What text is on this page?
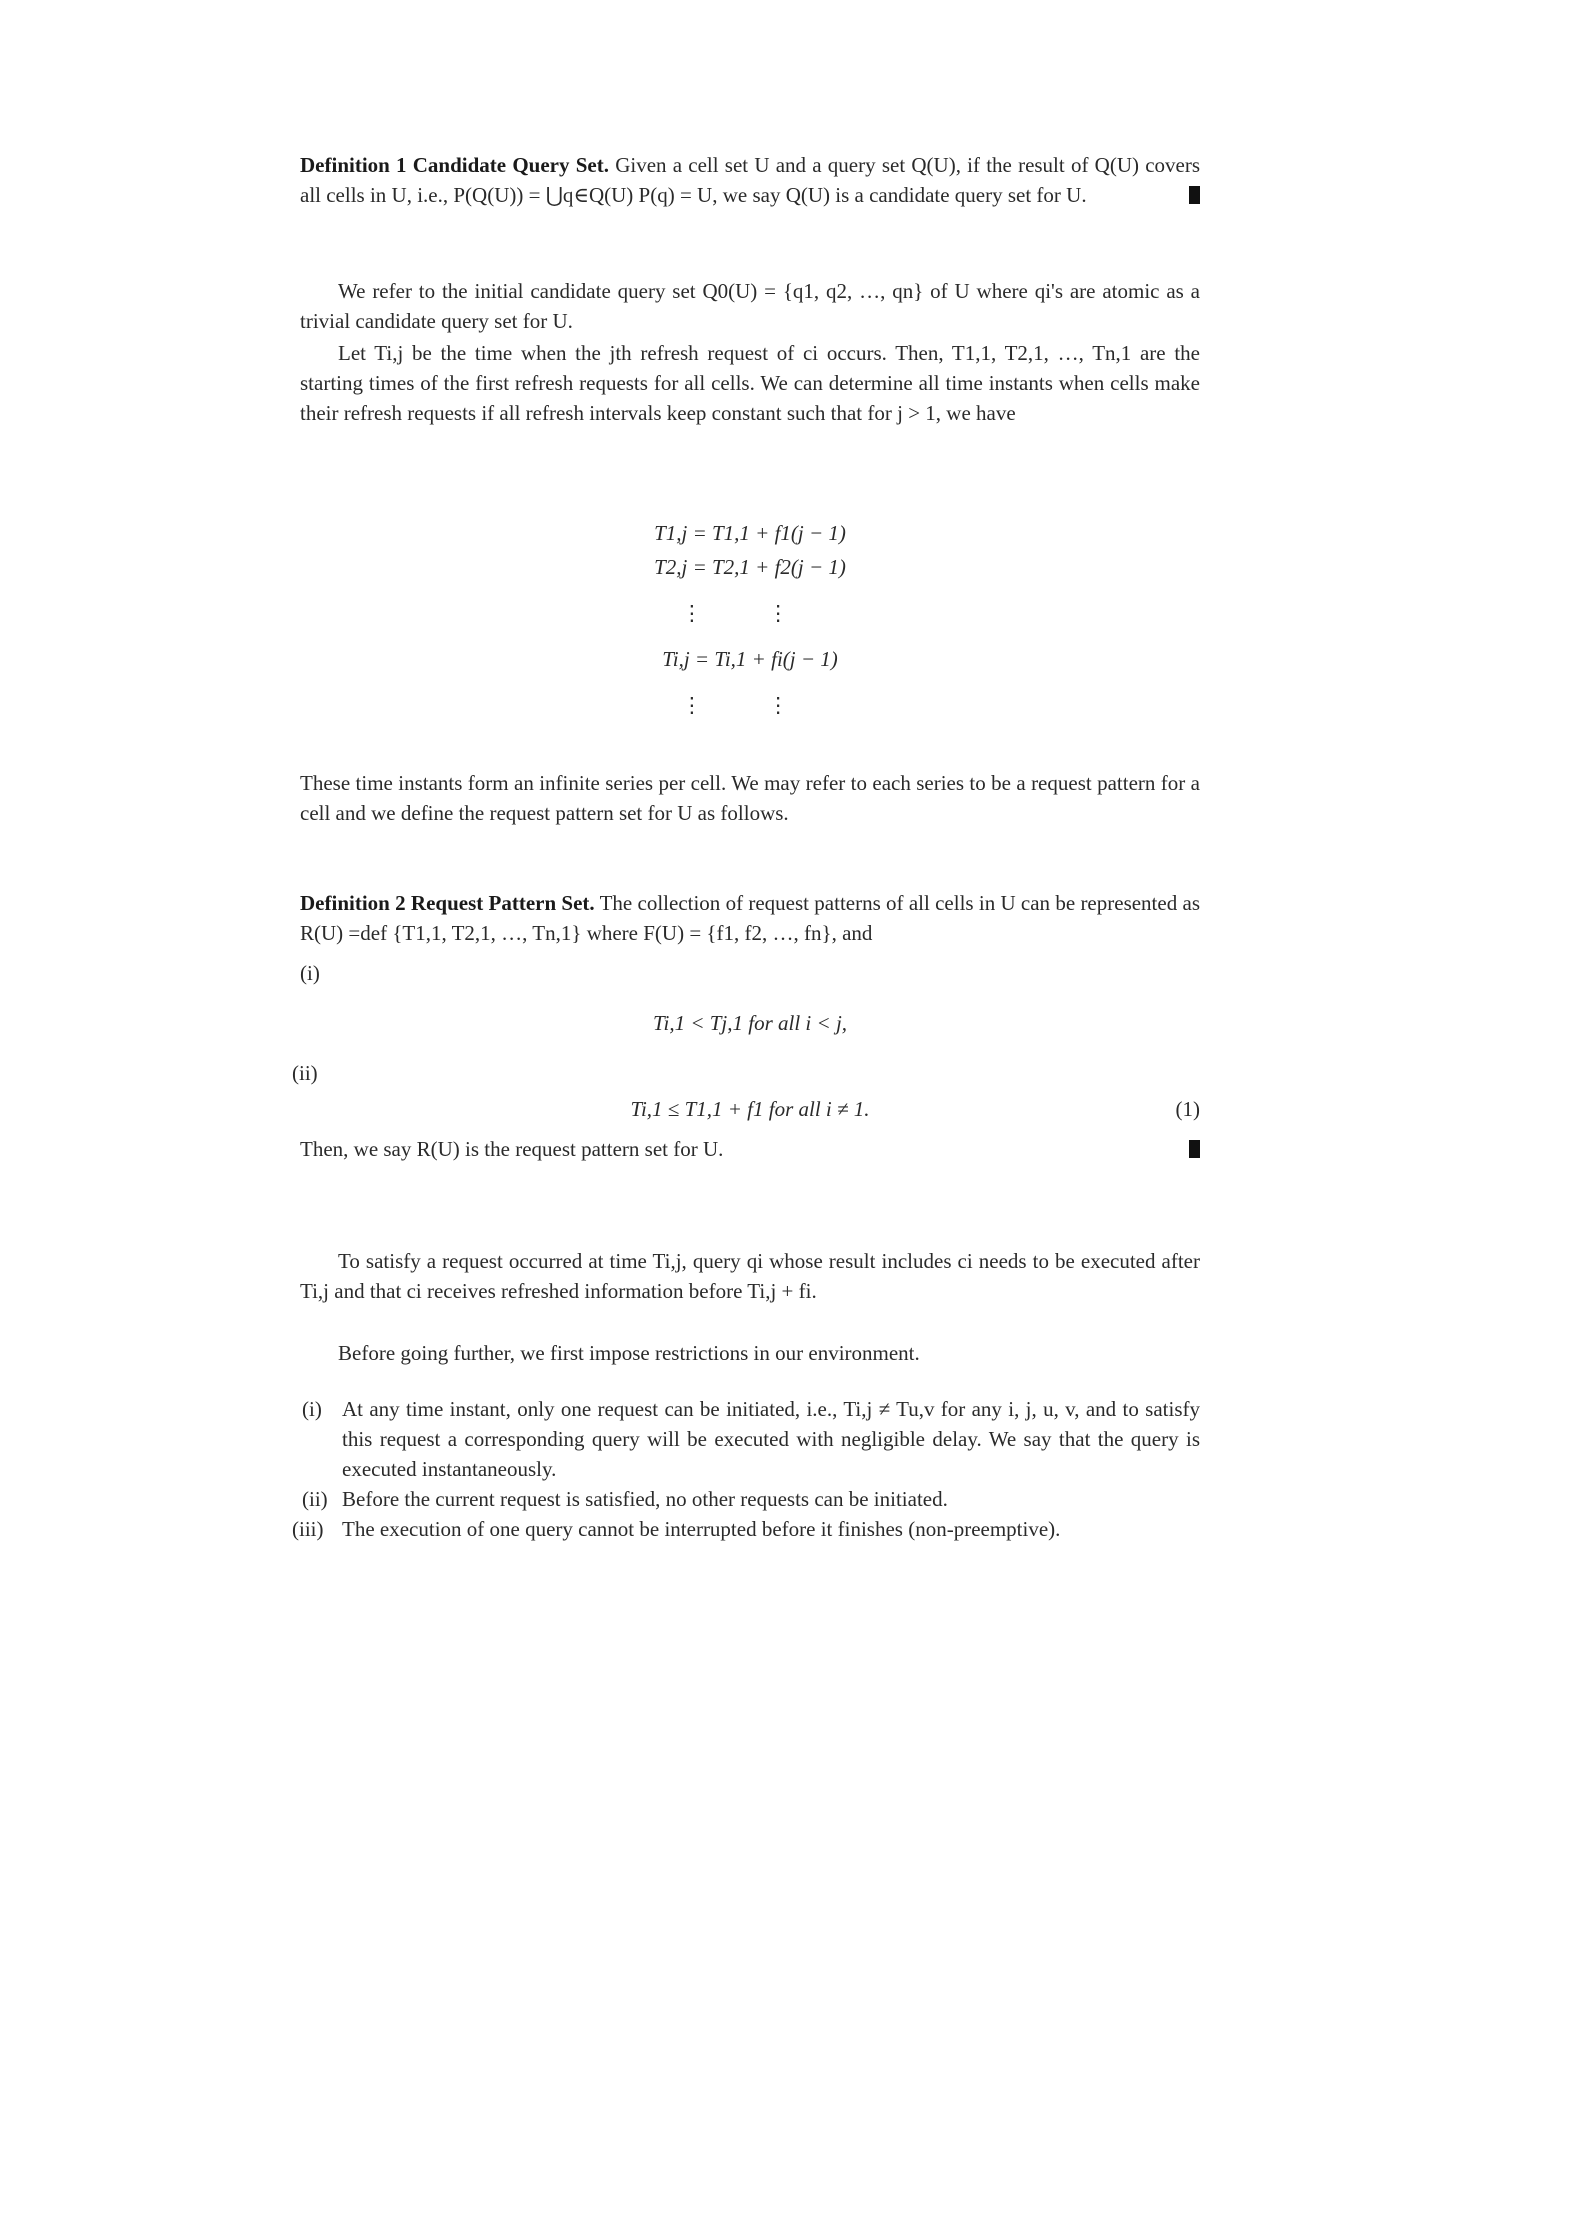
Definition 1 Candidate Query Set. Given a cell set U and a query set Q(U), if the result of Q(U) covers all cells in U, i.e., P(Q(U)) = ⋃q∈Q(U) P(q) = U, we say Q(U) is a candidate query set for U.

We refer to the initial candidate query set Q0(U) = {q1, q2, …, qn} of U where qi's are atomic as a trivial candidate query set for U.

Let Ti,j be the time when the jth refresh request of ci occurs. Then, T1,1, T2,1, …, Tn,1 are the starting times of the first refresh requests for all cells. We can determine all time instants when cells make their refresh requests if all refresh intervals keep constant such that for j > 1, we have

T1,j = T1,1 + f1(j − 1)

T2,j = T2,1 + f2(j − 1)

⋮ ⋮

Ti,j = Ti,1 + fi(j − 1)

⋮ ⋮

These time instants form an infinite series per cell. We may refer to each series to be a request pattern for a cell and we define the request pattern set for U as follows.

Definition 2 Request Pattern Set. The collection of request patterns of all cells in U can be represented as R(U) =def {T1,1, T2,1, …, Tn,1} where F(U) = {f1, f2, …, fn}, and

(i)

Ti,1 < Tj,1 for all i < j,

(ii)

Ti,1 ≤ T1,1 + f1 for all i ≠ 1.	(1)

Then, we say R(U) is the request pattern set for U.

To satisfy a request occurred at time Ti,j, query qi whose result includes ci needs to be executed after Ti,j and that ci receives refreshed information before Ti,j + fi.

Before going further, we first impose restrictions in our environment.

(i) At any time instant, only one request can be initiated, i.e., Ti,j ≠ Tu,v for any i, j, u, v, and to satisfy this request a corresponding query will be executed with negligible delay. We say that the query is executed instantaneously.
(ii) Before the current request is satisfied, no other requests can be initiated.
(iii) The execution of one query cannot be interrupted before it finishes (non-preemptive).
